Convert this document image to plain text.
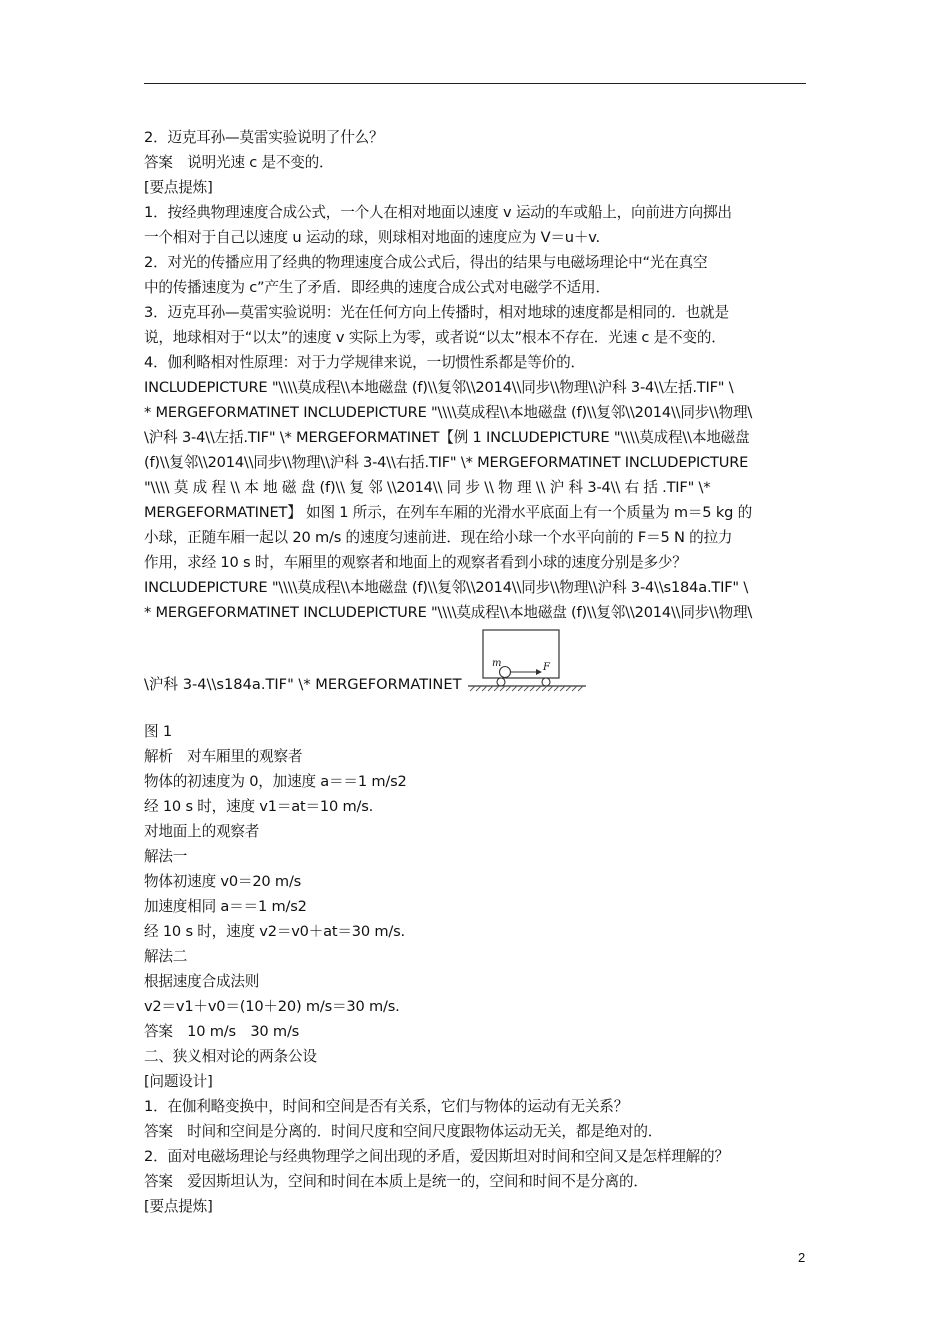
2．迈克耳孙—莫雷实验说明了什么？
答案　说明光速 c 是不变的．
[要点提炼]
1．按经典物理速度合成公式，一个人在相对地面以速度 v 运动的车或船上，向前进方向掷出
一个相对于自己以速度 u 运动的球，则球相对地面的速度应为 V＝u＋v.
2．对光的传播应用了经典的物理速度合成公式后，得出的结果与电磁场理论中“光在真空
中的传播速度为 c”产生了矛盾．即经典的速度合成公式对电磁学不适用．
3．迈克耳孙—莫雷实验说明：光在任何方向上传播时，相对地球的速度都是相同的．也就是
说，地球相对于“以太”的速度 v 实际上为零，或者说“以太”根本不存在．光速 c 是不变的．
4．伽利略相对性原理：对于力学规律来说，一切惯性系都是等价的．
INCLUDEPICTURE "\\\\莫成程\\本地磁盘 (f)\\复邻\\2014\\同步\\物理\\沪科 3-4\\左括.TIF" \
* MERGEFORMATINET INCLUDEPICTURE "\\\\莫成程\\本地磁盘 (f)\\复邻\\2014\\同步\\物理\
\沪科 3-4\\左括.TIF" \* MERGEFORMATINET【例 1 INCLUDEPICTURE "\\\\莫成程\\本地磁盘
(f)\\复邻\\2014\\同步\\物理\\沪科 3-4\\右括.TIF" \* MERGEFORMATINET INCLUDEPICTURE
"\\\\ 莫 成 程 \\ 本 地 磁 盘 (f)\\ 复 邻 \\2014\\ 同 步 \\ 物 理 \\ 沪 科 3-4\\ 右 括 .TIF" \*
MERGEFORMATINET】 如图 1 所示，在列车车厢的光滑水平底面上有一个质量为 m＝5 kg 的
小球，正随车厢一起以 20 m/s 的速度匀速前进．现在给小球一个水平向前的 F＝5 N 的拉力
作用，求经 10 s 时，车厢里的观察者和地面上的观察者看到小球的速度分别是多少？
INCLUDEPICTURE "\\\\莫成程\\本地磁盘 (f)\\复邻\\2014\\同步\\物理\\沪科 3-4\\s184a.TIF" \
* MERGEFORMATINET INCLUDEPICTURE "\\\\莫成程\\本地磁盘 (f)\\复邻\\2014\\同步\\物理\
\沪科 3-4\\s184a.TIF" \* MERGEFORMATINET
m	F
图 1
解析　对车厢里的观察者
物体的初速度为 0，加速度 a＝＝1 m/s2
经 10 s 时，速度 v1＝at＝10 m/s.
对地面上的观察者
解法一
物体初速度 v0＝20 m/s
加速度相同 a＝＝1 m/s2
经 10 s 时，速度 v2＝v0＋at＝30 m/s.
解法二
根据速度合成法则
v2＝v1＋v0＝(10＋20) m/s＝30 m/s.
答案　10 m/s　30 m/s
二、狭义相对论的两条公设
[问题设计]
1．在伽利略变换中，时间和空间是否有关系，它们与物体的运动有无关系？
答案　时间和空间是分离的．时间尺度和空间尺度跟物体运动无关，都是绝对的．
2．面对电磁场理论与经典物理学之间出现的矛盾，爱因斯坦对时间和空间又是怎样理解的？
答案　爱因斯坦认为，空间和时间在本质上是统一的，空间和时间不是分离的．
[要点提炼]
2
